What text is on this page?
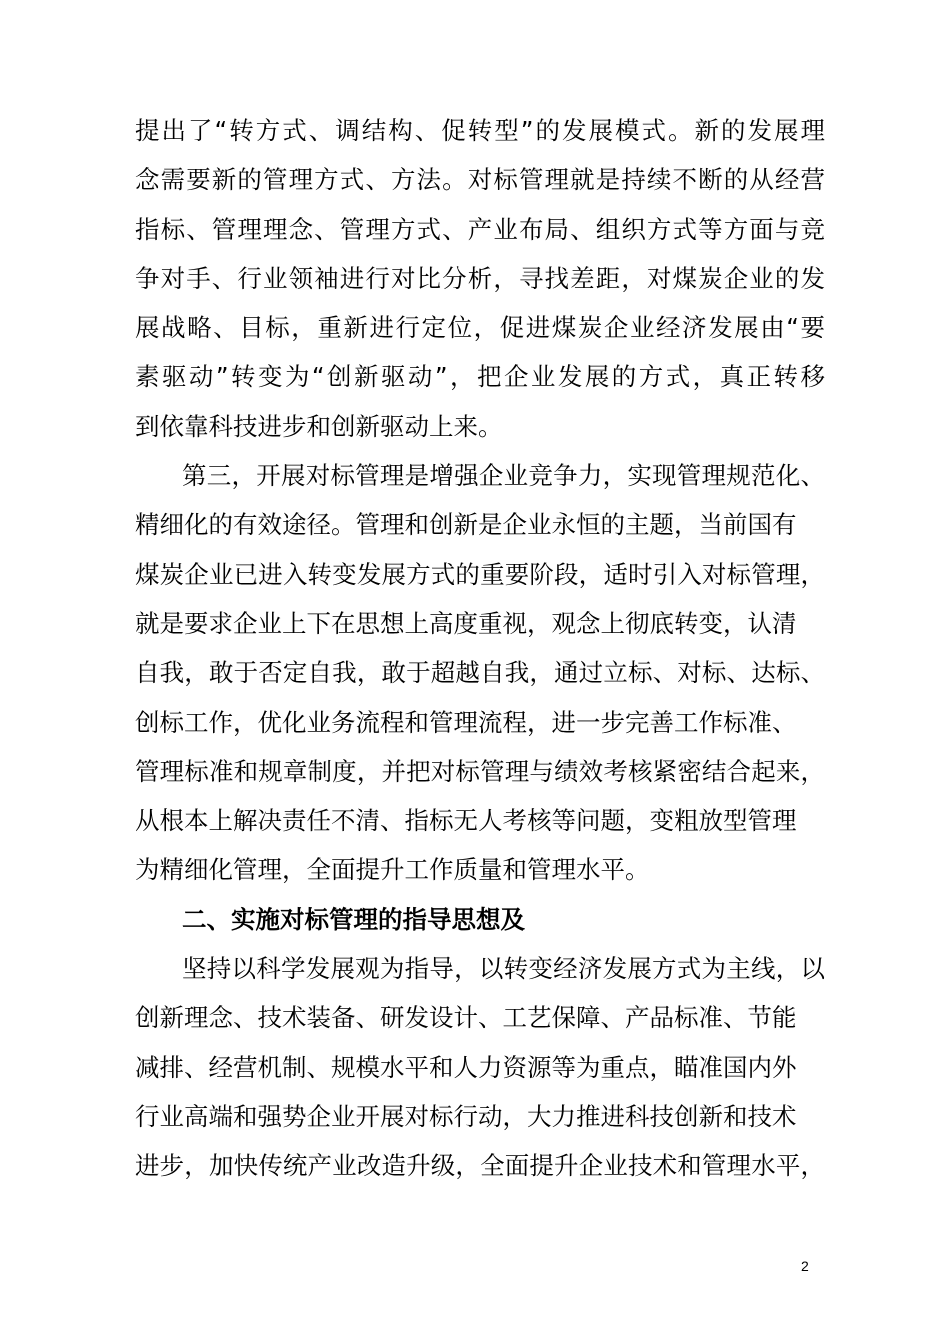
提出了“转方式、调结构、促转型”的发展模式。新的发展理
念需要新的管理方式、方法。对标管理就是持续不断的从经营
指标、管理理念、管理方式、产业布局、组织方式等方面与竞
争对手、行业领袖进行对比分析，寻找差距，对煤炭企业的发
展战略、目标，重新进行定位，促进煤炭企业经济发展由“要
素驱动”转变为“创新驱动”，把企业发展的方式，真正转移
到依靠科技进步和创新驱动上来。
第三，开展对标管理是增强企业竞争力，实现管理规范化、
精细化的有效途径。管理和创新是企业永恒的主题，当前国有
煤炭企业已进入转变发展方式的重要阶段，适时引入对标管理，
就是要求企业上下在思想上高度重视，观念上彻底转变，认清
自我，敢于否定自我，敢于超越自我，通过立标、对标、达标、
创标工作，优化业务流程和管理流程，进一步完善工作标准、
管理标准和规章制度，并把对标管理与绩效考核紧密结合起来，
从根本上解决责任不清、指标无人考核等问题，变粗放型管理
为精细化管理，全面提升工作质量和管理水平。
二、实施对标管理的指导思想及
坚持以科学发展观为指导，以转变经济发展方式为主线，以
创新理念、技术装备、研发设计、工艺保障、产品标准、节能
减排、经营机制、规模水平和人力资源等为重点，瞄准国内外
行业高端和强势企业开展对标行动，大力推进科技创新和技术
进步，加快传统产业改造升级，全面提升企业技术和管理水平，
2
